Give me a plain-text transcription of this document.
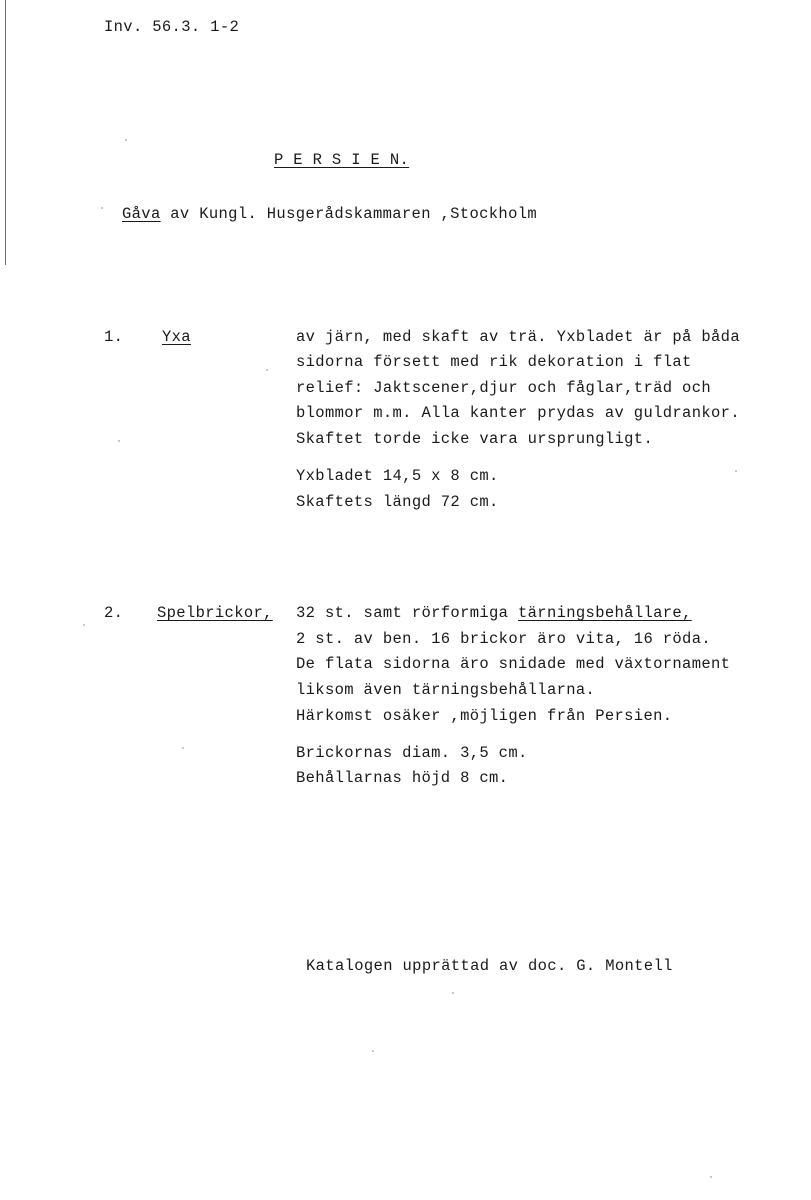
Inv. 56.3. 1-2
P E R S I E N.
Gåva av Kungl. Husgerådskammaren ,Stockholm
1. Yxa	av järn, med skaft av trä. Yxbladet är på båda
sidorna försett med rik dekoration i flat
relief: Jaktscener,djur och fåglar,träd och
blommor m.m. Alla kanter prydas av guldrankor.
Skaftet torde icke vara ursprungligt.
Yxbladet 14,5 x 8 cm.
Skaftets längd 72 cm.
2. Spelbrickor, 32 st. samt rörformiga tärningsbehållare,
2 st. av ben. 16 brickor äro vita, 16 röda.
De flata sidorna äro snidade med växtornament
liksom även tärningsbehållarna.
Härkomst osäker ,möjligen från Persien.
Brickornas diam. 3,5 cm.
Behållarnas höjd 8 cm.
Katalogen upprättad av doc. G. Montell
